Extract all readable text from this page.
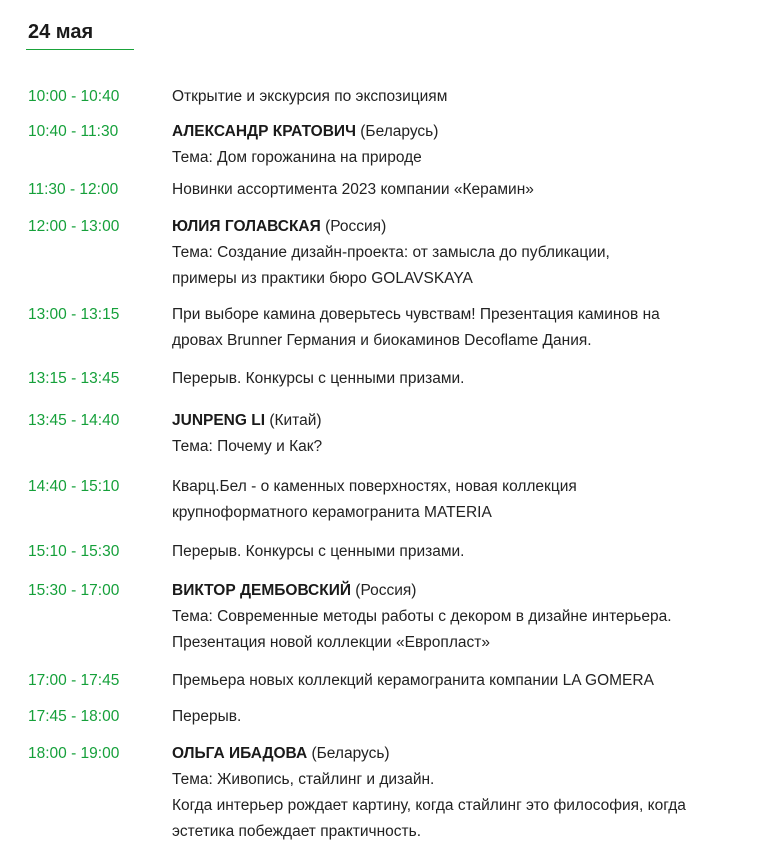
24 мая
10:00 - 10:40	Открытие и экскурсия по экспозициям
10:40 - 11:30	АЛЕКСАНДР КРАТОВИЧ (Беларусь)
Тема: Дом горожанина на природе
11:30 - 12:00	Новинки ассортимента 2023 компании «Керамин»
12:00 - 13:00	ЮЛИЯ ГОЛАВСКАЯ (Россия)
Тема: Создание дизайн-проекта: от замысла до публикации,
примеры из практики бюро GOLAVSKAYA
13:00 - 13:15	При выборе камина доверьтесь чувствам! Презентация каминов на
дровах Brunner Германия и биокаминов Decoflame Дания.
13:15 - 13:45	Перерыв. Конкурсы с ценными призами.
13:45 - 14:40	JUNPENG LI (Китай)
Тема: Почему и Как?
14:40 - 15:10	Кварц.Бел - о каменных поверхностях, новая коллекция
крупноформатного керамогранита MATERIA
15:10 - 15:30	Перерыв. Конкурсы с ценными призами.
15:30 - 17:00	ВИКТОР ДЕМБОВСКИЙ (Россия)
Тема: Современные методы работы с декором в дизайне интерьера.
Презентация новой коллекции «Европласт»
17:00 - 17:45	Премьера новых коллекций керамогранита компании LA GOMERA
17:45 - 18:00	Перерыв.
18:00 - 19:00	ОЛЬГА ИБАДОВА (Беларусь)
Тема: Живопись, стайлинг и дизайн.
Когда интерьер рождает картину, когда стайлинг это философия, когда
эстетика побеждает практичность.
